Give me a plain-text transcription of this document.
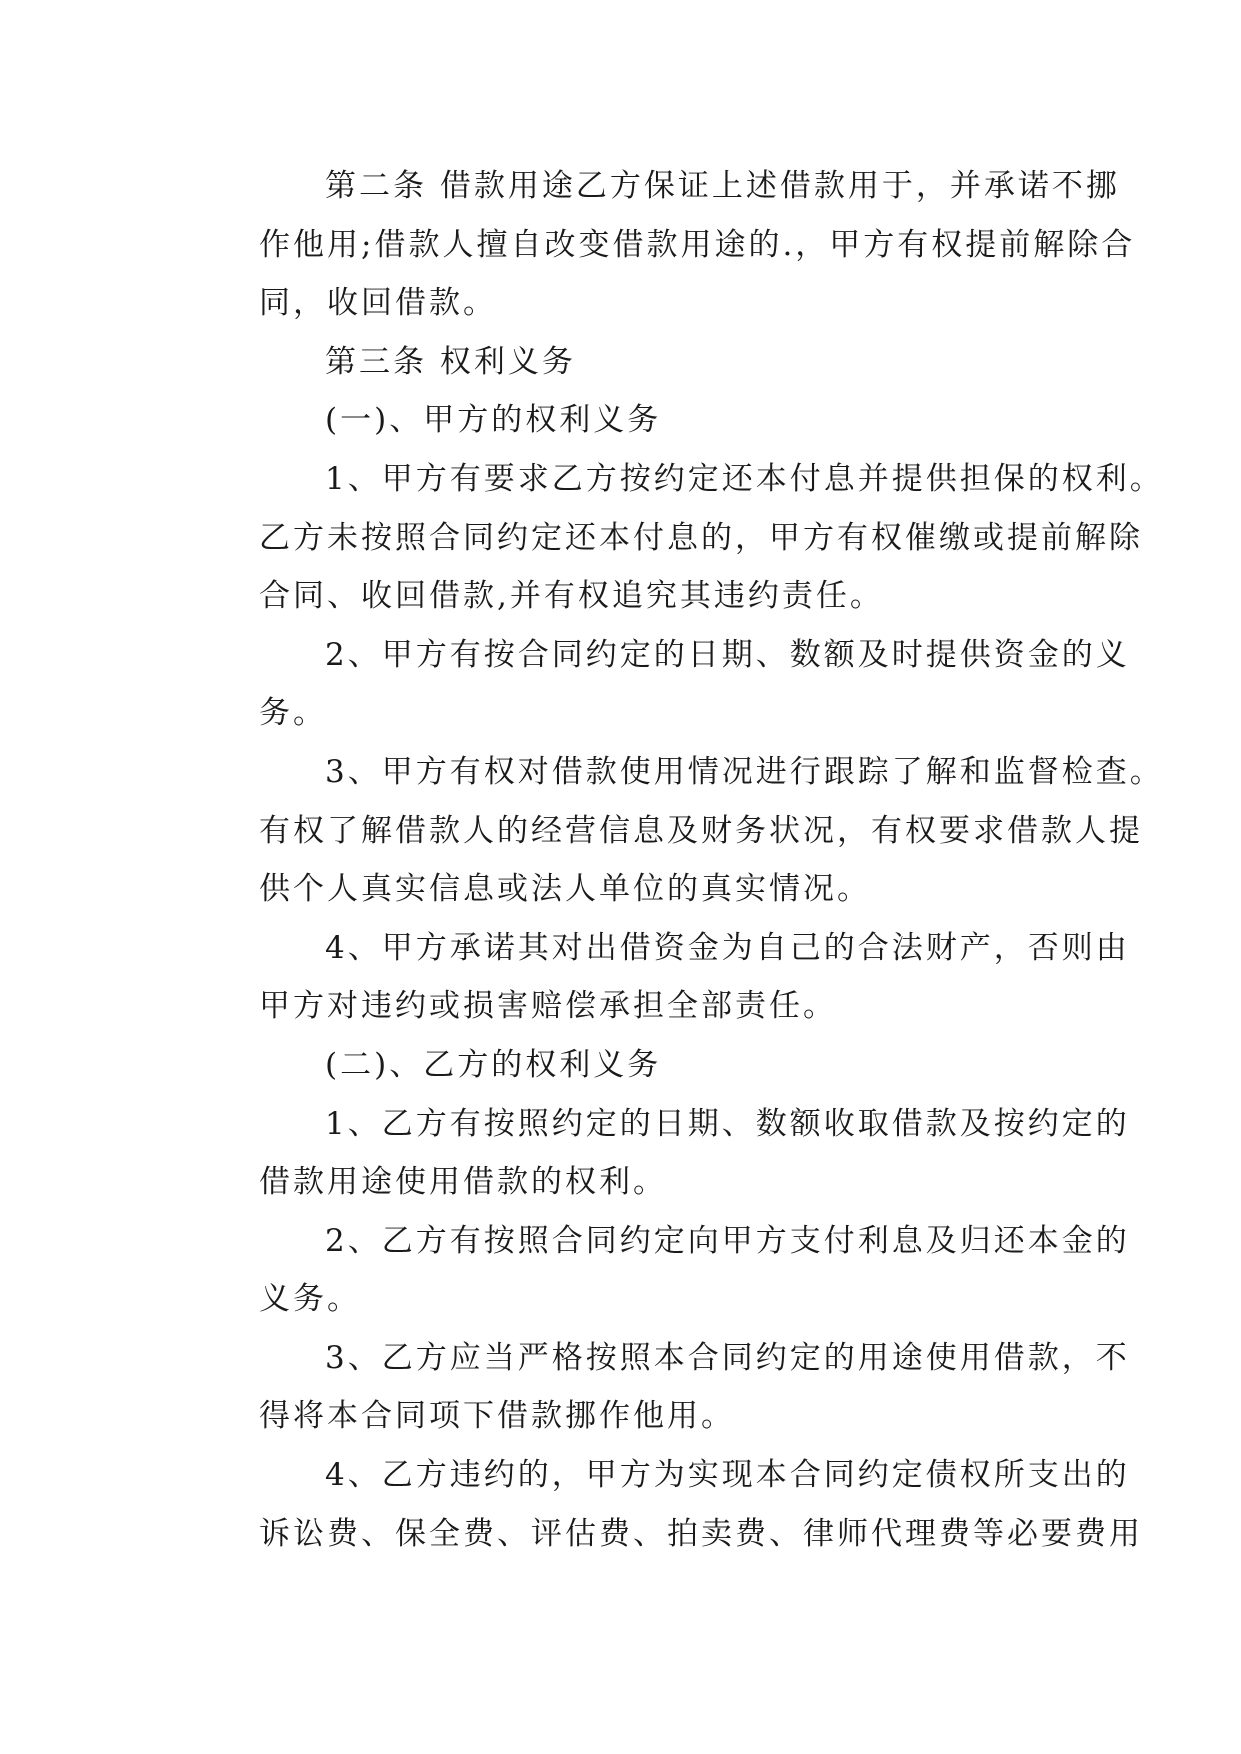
第二条 借款用途乙方保证上述借款用于，并承诺不挪
作他用;借款人擅自改变借款用途的.，甲方有权提前解除合
同，收回借款。
第三条 权利义务
(一)、甲方的权利义务
1、甲方有要求乙方按约定还本付息并提供担保的权利。
乙方未按照合同约定还本付息的，甲方有权催缴或提前解除
合同、收回借款,并有权追究其违约责任。
2、甲方有按合同约定的日期、数额及时提供资金的义
务。
3、甲方有权对借款使用情况进行跟踪了解和监督检查。
有权了解借款人的经营信息及财务状况，有权要求借款人提
供个人真实信息或法人单位的真实情况。
4、甲方承诺其对出借资金为自己的合法财产，否则由
甲方对违约或损害赔偿承担全部责任。
(二)、乙方的权利义务
1、乙方有按照约定的日期、数额收取借款及按约定的
借款用途使用借款的权利。
2、乙方有按照合同约定向甲方支付利息及归还本金的
义务。
3、乙方应当严格按照本合同约定的用途使用借款，不
得将本合同项下借款挪作他用。
4、乙方违约的，甲方为实现本合同约定债权所支出的
诉讼费、保全费、评估费、拍卖费、律师代理费等必要费用
